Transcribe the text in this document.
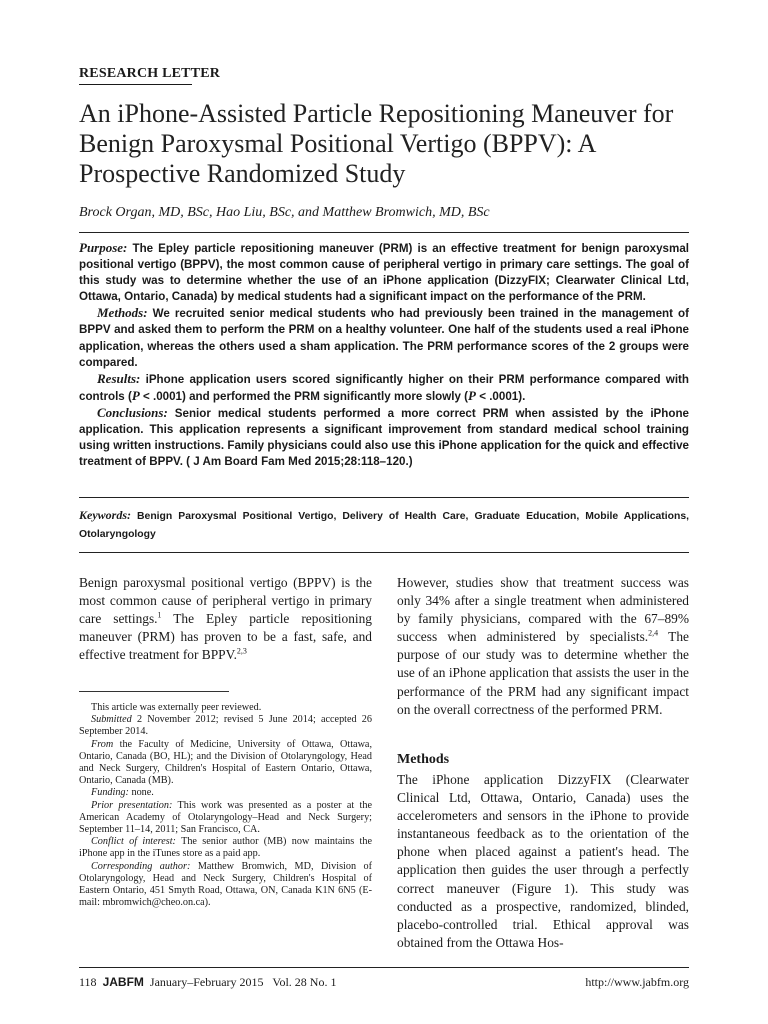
RESEARCH LETTER
An iPhone-Assisted Particle Repositioning Maneuver for Benign Paroxysmal Positional Vertigo (BPPV): A Prospective Randomized Study
Brock Organ, MD, BSc, Hao Liu, BSc, and Matthew Bromwich, MD, BSc

Purpose: The Epley particle repositioning maneuver (PRM) is an effective treatment for benign paroxysmal positional vertigo (BPPV), the most common cause of peripheral vertigo in primary care settings. The goal of this study was to determine whether the use of an iPhone application (DizzyFIX; Clearwater Clinical Ltd, Ottawa, Ontario, Canada) by medical students had a significant impact on the performance of the PRM.

Methods: We recruited senior medical students who had previously been trained in the management of BPPV and asked them to perform the PRM on a healthy volunteer. One half of the students used a real iPhone application, whereas the others used a sham application. The PRM performance scores of the 2 groups were compared.

Results: iPhone application users scored significantly higher on their PRM performance compared with controls (P < .0001) and performed the PRM significantly more slowly (P < .0001).

Conclusions: Senior medical students performed a more correct PRM when assisted by the iPhone application. This application represents a significant improvement from standard medical school training using written instructions. Family physicians could also use this iPhone application for the quick and effective treatment of BPPV. ( J Am Board Fam Med 2015;28:118–120.)

Keywords: Benign Paroxysmal Positional Vertigo, Delivery of Health Care, Graduate Education, Mobile Applications, Otolaryngology

Benign paroxysmal positional vertigo (BPPV) is the most common cause of peripheral vertigo in primary care settings.$^1$ The Epley particle repositioning maneuver (PRM) has proven to be a fast, safe, and effective treatment for BPPV.$^{2,3}$

This article was externally peer reviewed.

Submitted 2 November 2012; revised 5 June 2014; accepted 26 September 2014.

From the Faculty of Medicine, University of Ottawa, Ottawa, Ontario, Canada (BO, HL); and the Division of Otolaryngology, Head and Neck Surgery, Children's Hospital of Eastern Ontario, Ottawa, Ontario, Canada (MB).

Funding: none.

Prior presentation: This work was presented as a poster at the American Academy of Otolaryngology–Head and Neck Surgery; September 11–14, 2011; San Francisco, CA.

Conflict of interest: The senior author (MB) now maintains the iPhone app in the iTunes store as a paid app.

Corresponding author: Matthew Bromwich, MD, Division of Otolaryngology, Head and Neck Surgery, Children's Hospital of Eastern Ontario, 451 Smyth Road, Ottawa, ON, Canada K1N 6N5 (E-mail: mbromwich@cheo.on.ca).

However, studies show that treatment success was only 34% after a single treatment when administered by family physicians, compared with the 67–89% success when administered by specialists.$^{2,4}$ The purpose of our study was to determine whether the use of an iPhone application that assists the user in the performance of the PRM had any significant impact on the overall correctness of the performed PRM.

Methods

The iPhone application DizzyFIX (Clearwater Clinical Ltd, Ottawa, Ontario, Canada) uses the accelerometers and sensors in the iPhone to provide instantaneous feedback as to the orientation of the phone when placed against a patient's head. The application then guides the user through a perfectly correct maneuver (Figure 1). This study was conducted as a prospective, randomized, blinded, placebo-controlled trial. Ethical approval was obtained from the Ottawa Hos-

118 JABFM January–February 2015   Vol. 28 No. 1	http://www.jabfm.org
